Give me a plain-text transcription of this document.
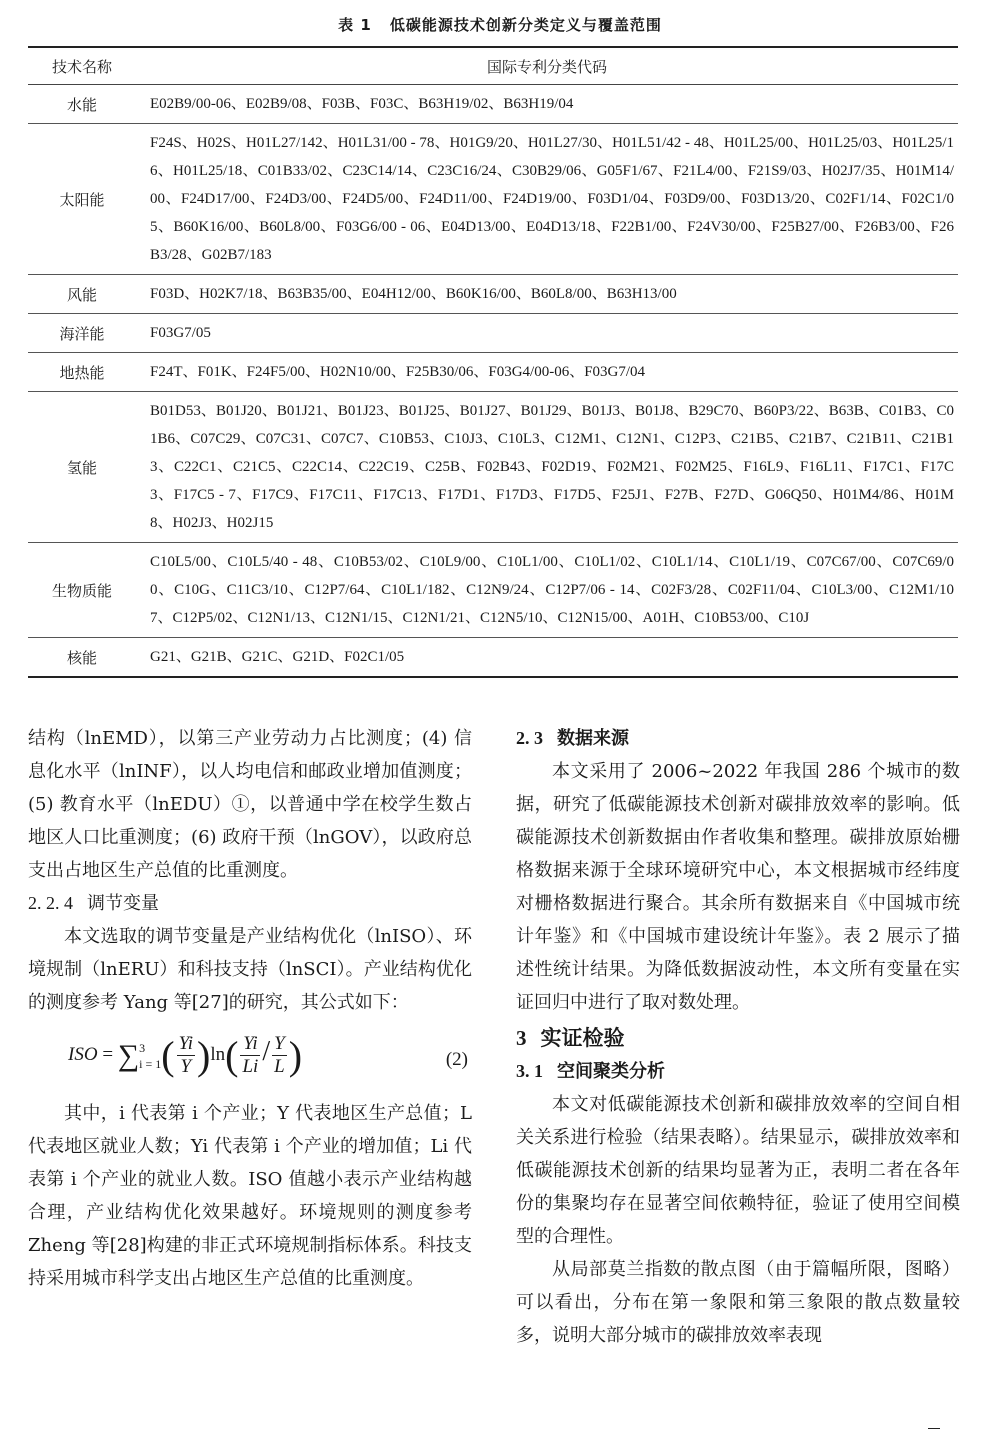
表 1 低碳能源技术创新分类定义与覆盖范围
技术名称	国际专利分类代码
水能	E02B9/00-06、E02B9/08、F03B、F03C、B63H19/02、B63H19/04
太阳能	F24S、H02S、H01L27/142、H01L31/00 - 78、H01G9/20、H01L27/30、H01L51/42 - 48、H01L25/00、H01L25/03、H01L25/16、H01L25/18、C01B33/02、C23C14/14、C23C16/24、C30B29/06、G05F1/67、F21L4/00、F21S9/03、H02J7/35、H01M14/00、F24D17/00、F24D3/00、F24D5/00、F24D11/00、F24D19/00、F03D1/04、F03D9/00、F03D13/20、C02F1/14、F02C1/05、B60K16/00、B60L8/00、F03G6/00 - 06、E04D13/00、E04D13/18、F22B1/00、F24V30/00、F25B27/00、F26B3/00、F26B3/28、G02B7/183
风能	F03D、H02K7/18、B63B35/00、E04H12/00、B60K16/00、B60L8/00、B63H13/00
海洋能	F03G7/05
地热能	F24T、F01K、F24F5/00、H02N10/00、F25B30/06、F03G4/00-06、F03G7/04
氢能	B01D53、B01J20、B01J21、B01J23、B01J25、B01J27、B01J29、B01J3、B01J8、B29C70、B60P3/22、B63B、C01B3、C01B6、C07C29、C07C31、C07C7、C10B53、C10J3、C10L3、C12M1、C12N1、C12P3、C21B5、C21B7、C21B11、C21B13、C22C1、C21C5、C22C14、C22C19、C25B、F02B43、F02D19、F02M21、F02M25、F16L9、F16L11、F17C1、F17C3、F17C5 - 7、F17C9、F17C11、F17C13、F17D1、F17D3、F17D5、F25J1、F27B、F27D、G06Q50、H01M4/86、H01M8、H02J3、H02J15
生物质能	C10L5/00、C10L5/40 - 48、C10B53/02、C10L9/00、C10L1/00、C10L1/02、C10L1/14、C10L1/19、C07C67/00、C07C69/00、C10G、C11C3/10、C12P7/64、C10L1/182、C12N9/24、C12P7/06 - 14、C02F3/28、C02F11/04、C10L3/00、C12M1/107、C12P5/02、C12N1/13、C12N1/15、C12N1/21、C12N5/10、C12N15/00、A01H、C10B53/00、C10J
核能	G21、G21B、G21C、G21D、F02C1/05

结构（lnEMD），以第三产业劳动力占比测度；(4) 信息化水平（lnINF），以人均电信和邮政业增加值测度；(5) 教育水平（lnEDU）①，以普通中学在校学生数占地区人口比重测度；(6) 政府干预（lnGOV），以政府总支出占地区生产总值的比重测度。

2. 2. 4 调节变量

本文选取的调节变量是产业结构优化（lnISO）、环境规制（lnERU）和科技支持（lnSCI）。产业结构优化的测度参考 Yang 等[27]的研究，其公式如下：

ISO = ∑ 3
i = 1 ( $\frac{Yi}{Y} )\ln( \frac{Yi}{Li} / \frac{Y}{L}$ )	(2)

其中，i 代表第 i 个产业；Y 代表地区生产总值；L 代表地区就业人数；Yi 代表第 i 个产业的增加值；Li 代表第 i 个产业的就业人数。ISO 值越小表示产业结构越合理，产业结构优化效果越好。环境规则的测度参考 Zheng 等[28]构建的非正式环境规制指标体系。科技支持采用城市科学支出占地区生产总值的比重测度。

2. 3 数据来源

本文采用了 2006~2022 年我国 286 个城市的数据，研究了低碳能源技术创新对碳排放效率的影响。低碳能源技术创新数据由作者收集和整理。碳排放原始栅格数据来源于全球环境研究中心，本文根据城市经纬度对栅格数据进行聚合。其余所有数据来自《中国城市统计年鉴》和《中国城市建设统计年鉴》。表 2 展示了描述性统计结果。为降低数据波动性，本文所有变量在实证回归中进行了取对数处理。

3 实证检验
3. 1 空间聚类分析

本文对低碳能源技术创新和碳排放效率的空间自相关关系进行检验（结果表略）。结果显示，碳排放效率和低碳能源技术创新的结果均显著为正，表明二者在各年份的集聚均存在显著空间依赖特征，验证了使用空间模型的合理性。

从局部莫兰指数的散点图（由于篇幅所限，图略）可以看出，分布在第一象限和第三象限的散点数量较多，说明大部分城市的碳排放效率表现
